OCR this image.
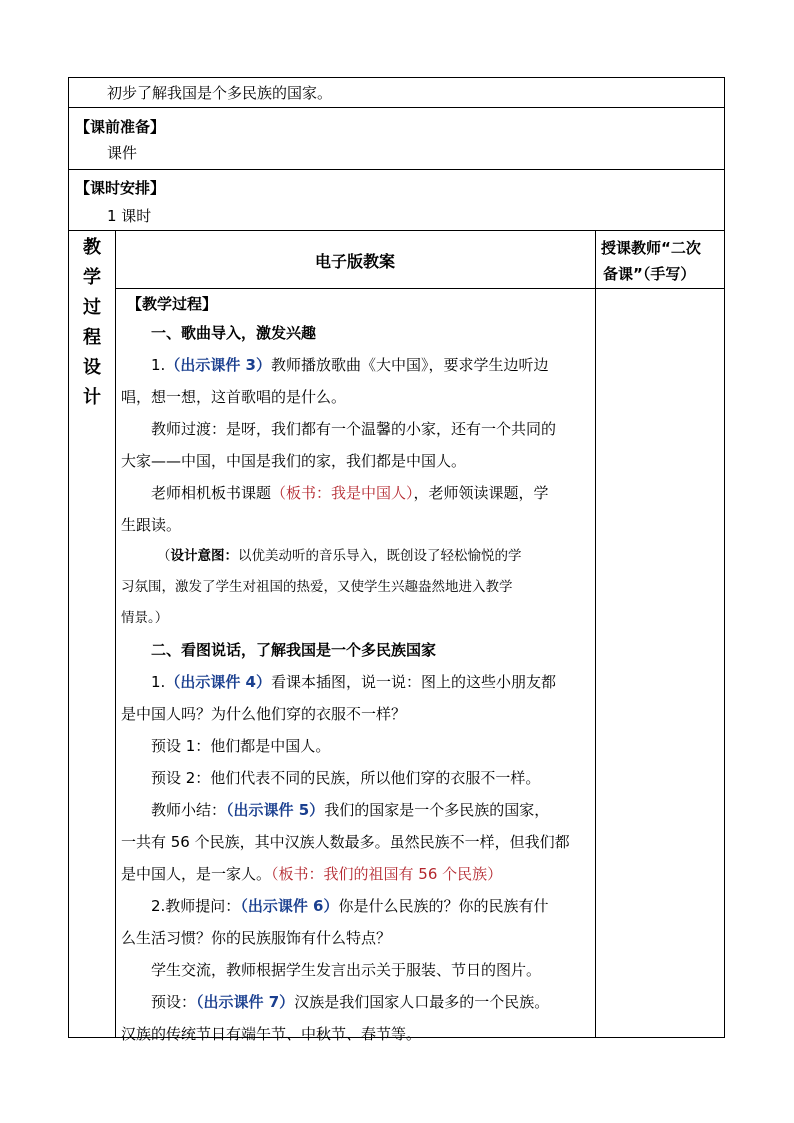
初步了解我国是个多民族的国家。
【课前准备】
课件
【课时安排】
1 课时
教
学
过
程
设
计
电子版教案
授课教师“二次
备课”（手写）

【教学过程】

一、歌曲导入，激发兴趣

1.（出示课件 3）教师播放歌曲《大中国》，要求学生边听边

唱，想一想，这首歌唱的是什么。

教师过渡：是呀，我们都有一个温馨的小家，还有一个共同的

大家——中国，中国是我们的家，我们都是中国人。

老师相机板书课题（板书：我是中国人），老师领读课题，学

生跟读。

（设计意图：以优美动听的音乐导入，既创设了轻松愉悦的学

习氛围，激发了学生对祖国的热爱，又使学生兴趣盎然地进入教学

情景。）

二、看图说话，了解我国是一个多民族国家

1.（出示课件 4）看课本插图，说一说：图上的这些小朋友都

是中国人吗？为什么他们穿的衣服不一样？

预设 1：他们都是中国人。

预设 2：他们代表不同的民族，所以他们穿的衣服不一样。

教师小结：（出示课件 5）我们的国家是一个多民族的国家，

一共有 56 个民族，其中汉族人数最多。虽然民族不一样，但我们都

是中国人，是一家人。（板书：我们的祖国有 56 个民族）

2.教师提问：（出示课件 6）你是什么民族的？你的民族有什

么生活习惯？你的民族服饰有什么特点？

学生交流，教师根据学生发言出示关于服装、节日的图片。

预设：（出示课件 7）汉族是我们国家人口最多的一个民族。

汉族的传统节日有端午节、中秋节、春节等。
